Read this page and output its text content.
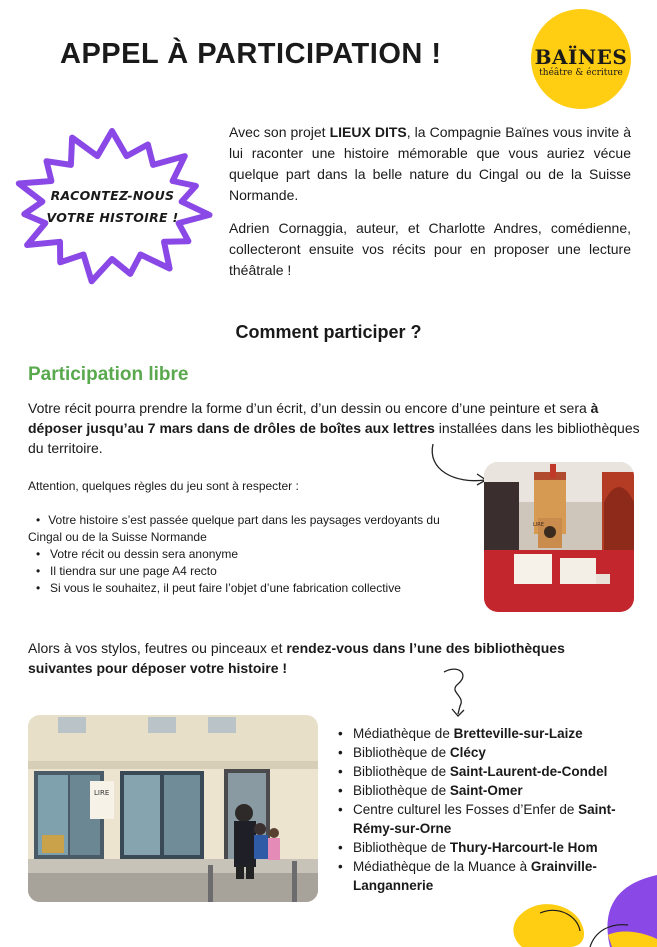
APPEL À PARTICIPATION !	BAÏNES
théâtre & écriture
RACONTEZ-NOUS
VOTRE HISTOIRE !

Avec son projet LIEUX DITS, la Compagnie Baïnes vous invite à lui raconter une histoire mémorable que vous auriez vécue quelque part dans la belle nature du Cingal ou de la Suisse Normande.

Adrien Cornaggia, auteur, et Charlotte Andres, comédienne, collecteront ensuite vos récits pour en proposer une lecture théâtrale !

Comment participer ?
Participation libre
Votre récit pourra prendre la forme d’un écrit, d’un dessin ou encore d’une peinture et sera à déposer jusqu’au 7 mars dans de drôles de boîtes aux lettres installées dans les bibliothèques du territoire.
Attention, quelques règles du jeu sont à respecter :
• Votre histoire s’est passée quelque part dans les paysages verdoyants du Cingal ou de la Suisse Normande
• Votre récit ou dessin sera anonyme
• Il tiendra sur une page A4 recto
• Si vous le souhaitez, il peut faire l’objet d’une fabrication collective
LIRE
Alors à vos stylos, feutres ou pinceaux et rendez-vous dans l’une des bibliothèques suivantes pour déposer votre histoire !
LIRE
• Médiathèque de Bretteville-sur-Laize
• Bibliothèque de Clécy
• Bibliothèque de Saint-Laurent-de-Condel
• Bibliothèque de Saint-Omer
• Centre culturel les Fosses d’Enfer de Saint-Rémy-sur-Orne
• Bibliothèque de Thury-Harcourt-le Hom
• Médiathèque de la Muance à Grainville-Langannerie
